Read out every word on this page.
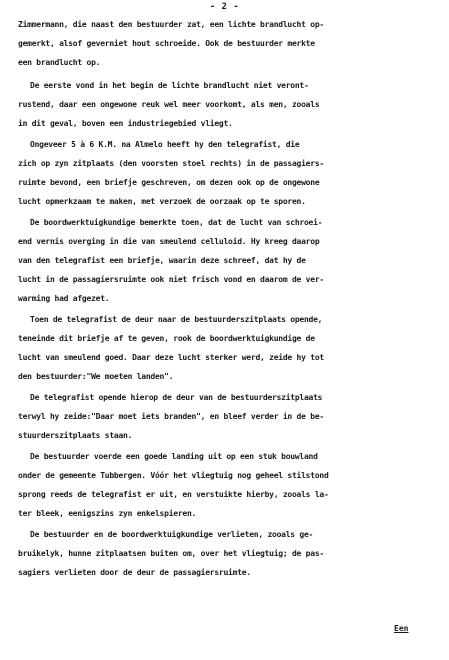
- 2 -
Zimmermann, die naast den bestuurder zat, een lichte brandlucht op-
gemerkt, alsof geverniet hout schroeide. Ook de bestuurder merkte
een brandlucht op.
De eerste vond in het begin de lichte brandlucht niet veront-
rustend, daar een ongewone reuk wel meer voorkomt, als men, zooals
in dit geval, boven een industriegebied vliegt.
Ongeveer 5 à 6 K.M. na Almelo heeft hy den telegrafist, die
zich op zyn zitplaats (den voorsten stoel rechts) in de passagiers-
ruimte bevond, een briefje geschreven, om dezen ook op de ongewone
lucht opmerkzaam te maken, met verzoek de oorzaak op te sporen.
De boordwerktuigkundige bemerkte toen, dat de lucht van schroei-
end vernis overging in die van smeulend celluloid. Hy kreeg daarop
van den telegrafist een briefje, waarin deze schreef, dat hy de
lucht in de passagiersruimte ook niet frisch vond en daarom de ver-
warming had afgezet.
Toen de telegrafist de deur naar de bestuurderszitplaats opende,
teneinde dit briefje af te geven, rook de boordwerktuigkundige de
lucht van smeulend goed. Daar deze lucht sterker werd, zeide hy tot
den bestuurder:"We moeten landen".
De telegrafist opende hierop de deur van de bestuurderszitplaats
terwyl hy zeide:"Daar moet iets branden", en bleef verder in de be-
stuurderszitplaats staan.
De bestuurder voerde een goede landing uit op een stuk bouwland
onder de gemeente Tubbergen. Vóór het vliegtuig nog geheel stilstond
sprong reeds de telegrafist er uit, en verstuikte hierby, zooals la-
ter bleek, eenigszins zyn enkelspieren.
De bestuurder en de boordwerktuigkundige verlieten, zooals ge-
bruikelyk, hunne zitplaatsen buiten om, over het vliegtuig; de pas-
sagiers verlieten door de deur de passagiersruimte.
Een
